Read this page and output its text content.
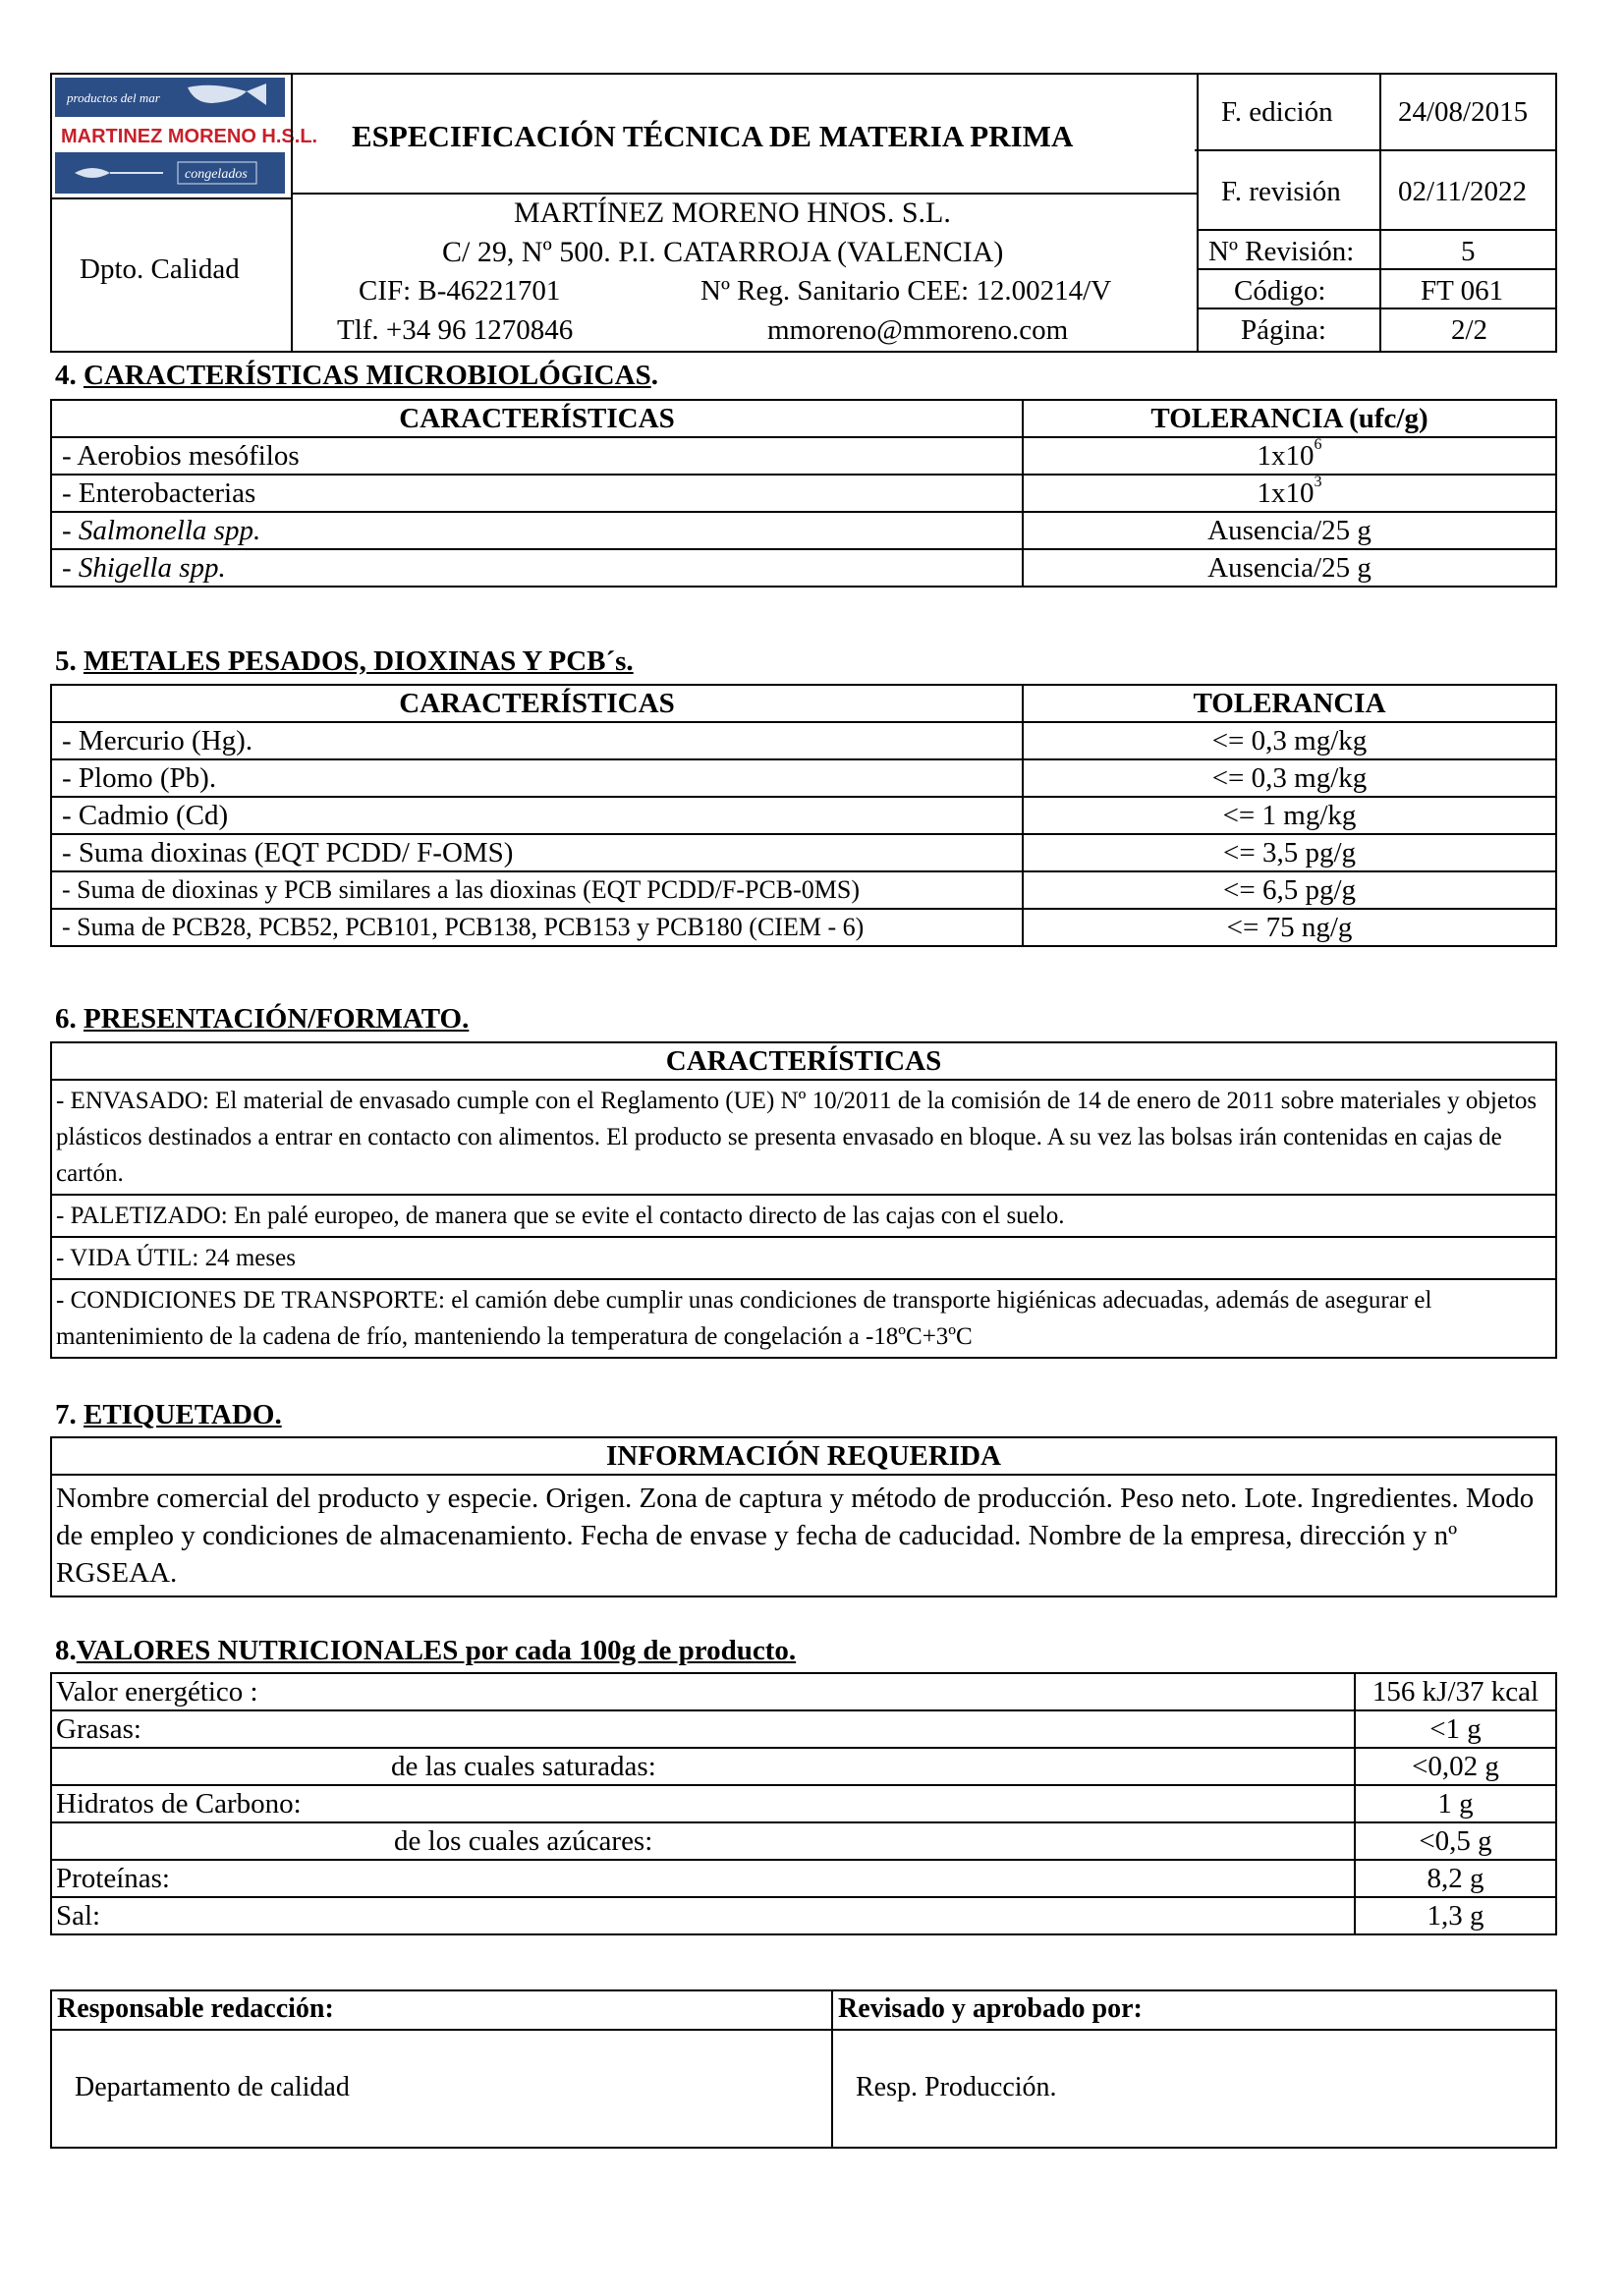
productos del mar
MARTINEZ MORENO H.S.L.
congelados
ESPECIFICACIÓN TÉCNICA DE MATERIA PRIMA
Dpto. Calidad
MARTÍNEZ MORENO HNOS. S.L.
C/ 29, Nº 500. P.I. CATARROJA (VALENCIA)
CIF: B-46221701	Nº Reg. Sanitario CEE: 12.00214/V
Tlf. +34 96 1270846	mmoreno@mmoreno.com
F. edición 24/08/2015
F. revisión 02/11/2022
Nº Revisión:	5
Código:	FT 061
Página:	2/2
4. CARACTERÍSTICAS MICROBIOLÓGICAS.
CARACTERÍSTICAS	TOLERANCIA (ufc/g)
- Aerobios mesófilos	$1x10^6$
- Enterobacterias	$1x10^3$
- Salmonella spp.	Ausencia/25 g
- Shigella spp.	Ausencia/25 g
5. METALES PESADOS, DIOXINAS Y PCB´s.
CARACTERÍSTICAS	TOLERANCIA
- Mercurio (Hg).	<= 0,3 mg/kg
- Plomo (Pb).	<= 0,3 mg/kg
- Cadmio (Cd)	<= 1 mg/kg
- Suma dioxinas (EQT PCDD/ F-OMS)	<= 3,5 pg/g
- Suma de dioxinas y PCB similares a las dioxinas (EQT PCDD/F-PCB-0MS)	<= 6,5 pg/g
- Suma de PCB28, PCB52, PCB101, PCB138, PCB153 y PCB180 (CIEM - 6)	<= 75 ng/g
6. PRESENTACIÓN/FORMATO.
CARACTERÍSTICAS
- ENVASADO: El material de envasado cumple con el Reglamento (UE) Nº 10/2011 de la comisión de 14 de enero de 2011 sobre materiales y objetos plásticos destinados a entrar en contacto con alimentos. El producto se presenta envasado en bloque. A su vez las bolsas irán contenidas en cajas de cartón.
- PALETIZADO: En palé europeo, de manera que se evite el contacto directo de las cajas con el suelo.
- VIDA ÚTIL: 24 meses
- CONDICIONES DE TRANSPORTE: el camión debe cumplir unas condiciones de transporte higiénicas adecuadas, además de asegurar el mantenimiento de la cadena de frío, manteniendo la temperatura de congelación a -18ºC+3ºC
7. ETIQUETADO.
INFORMACIÓN REQUERIDA
Nombre comercial del producto y especie. Origen. Zona de captura y método de producción. Peso neto. Lote. Ingredientes. Modo de empleo y condiciones de almacenamiento. Fecha de envase y fecha de caducidad. Nombre de la empresa, dirección y nº RGSEAA.
8.VALORES NUTRICIONALES por cada 100g de producto.
Valor energético :	156 kJ/37 kcal
Grasas:	<1 g
de las cuales saturadas:	<0,02 g
Hidratos de Carbono:	1 g
de los cuales azúcares:	<0,5 g
Proteínas:	8,2 g
Sal:	1,3 g
Responsable redacción:	Revisado y aprobado por:
Departamento de calidad	Resp. Producción.
